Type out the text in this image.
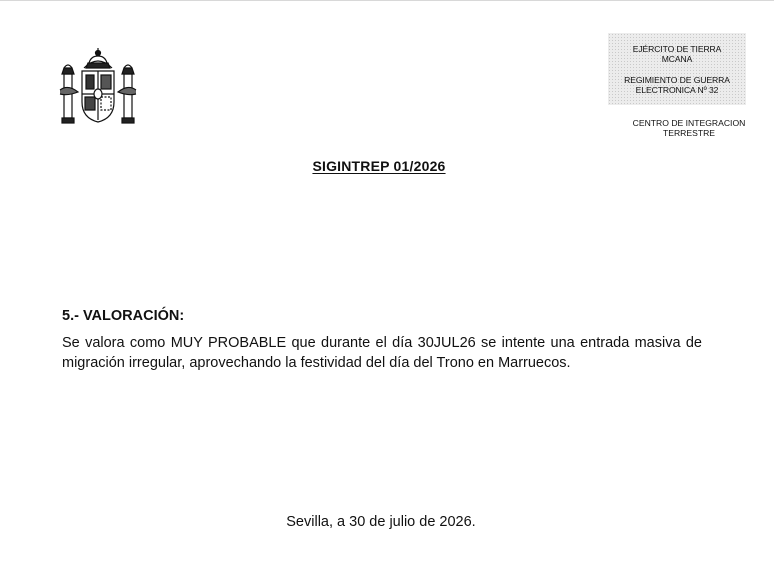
EJÉRCITO DE TIERRA
MCANA
REGIMIENTO DE GUERRA
ELECTRONICA Nº 32
CENTRO DE INTEGRACION
TERRESTRE
SIGINTREP 01/2026
5.- VALORACIÓN:
Se valora como MUY PROBABLE que durante el día 30JUL26 se intente una entrada masiva de migración irregular, aprovechando la festividad del día del Trono en Marruecos.
Sevilla, a 30 de julio de 2026.
